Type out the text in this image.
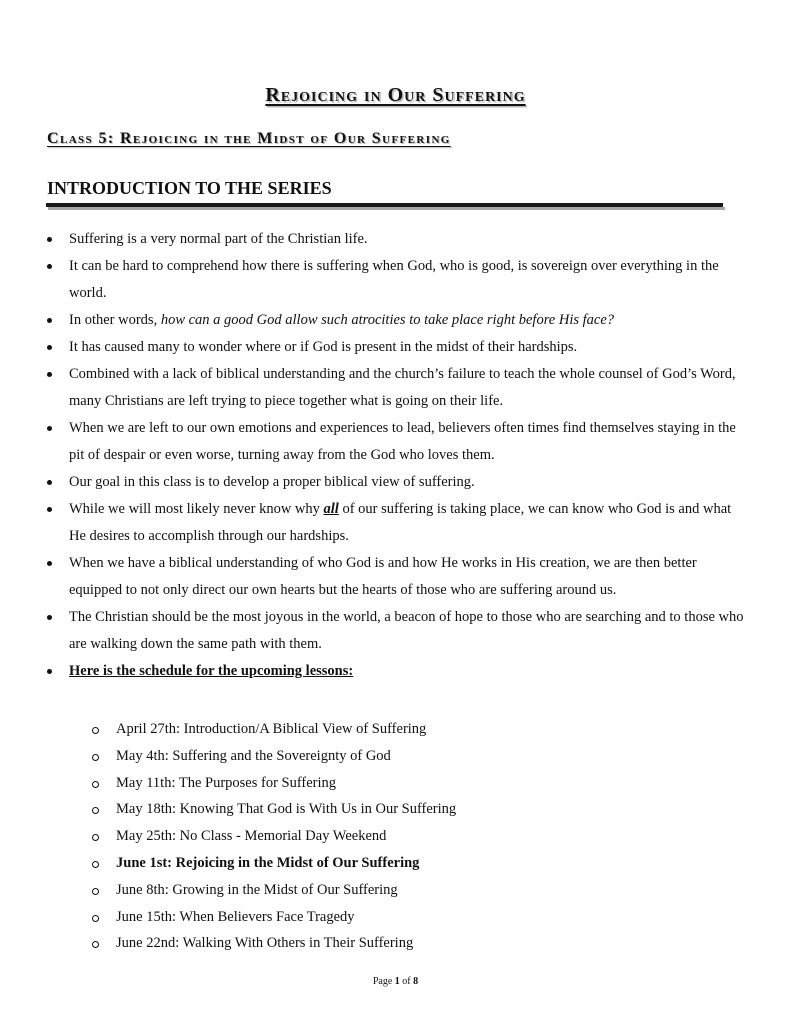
Rejoicing in Our Suffering
Class 5: Rejoicing in the Midst of Our Suffering
INTRODUCTION TO THE SERIES
Suffering is a very normal part of the Christian life.
It can be hard to comprehend how there is suffering when God, who is good, is sovereign over everything in the world.
In other words, how can a good God allow such atrocities to take place right before His face?
It has caused many to wonder where or if God is present in the midst of their hardships.
Combined with a lack of biblical understanding and the church’s failure to teach the whole counsel of God’s Word, many Christians are left trying to piece together what is going on their life.
When we are left to our own emotions and experiences to lead, believers often times find themselves staying in the pit of despair or even worse, turning away from the God who loves them.
Our goal in this class is to develop a proper biblical view of suffering.
While we will most likely never know why all of our suffering is taking place, we can know who God is and what He desires to accomplish through our hardships.
When we have a biblical understanding of who God is and how He works in His creation, we are then better equipped to not only direct our own hearts but the hearts of those who are suffering around us.
The Christian should be the most joyous in the world, a beacon of hope to those who are searching and to those who are walking down the same path with them.
Here is the schedule for the upcoming lessons:
April 27th: Introduction/A Biblical View of Suffering
May 4th: Suffering and the Sovereignty of God
May 11th: The Purposes for Suffering
May 18th: Knowing That God is With Us in Our Suffering
May 25th: No Class - Memorial Day Weekend
June 1st: Rejoicing in the Midst of Our Suffering
June 8th: Growing in the Midst of Our Suffering
June 15th: When Believers Face Tragedy
June 22nd: Walking With Others in Their Suffering
Page 1 of 8
